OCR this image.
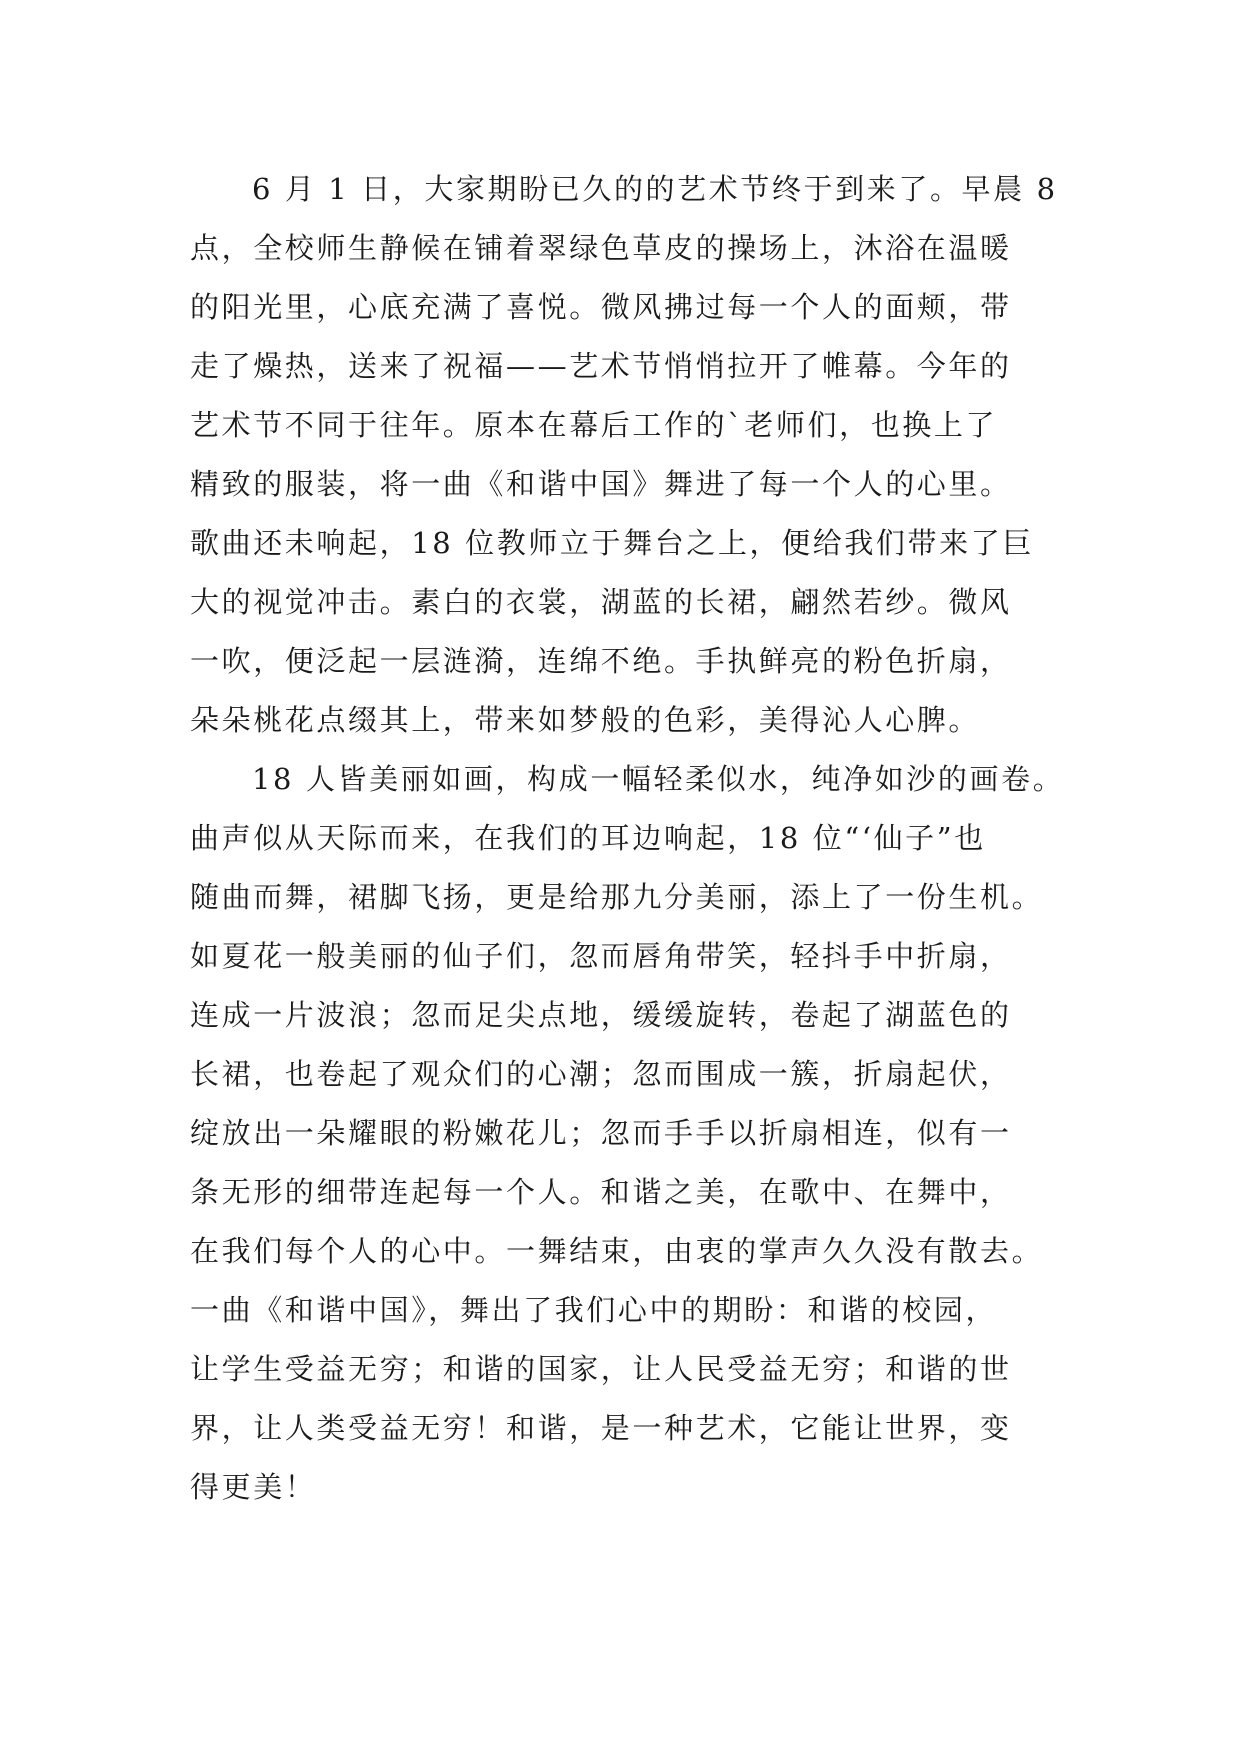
6 月 1 日，大家期盼已久的的艺术节终于到来了。早晨 8
点，全校师生静候在铺着翠绿色草皮的操场上，沐浴在温暖
的阳光里，心底充满了喜悦。微风拂过每一个人的面颊，带
走了燥热，送来了祝福——艺术节悄悄拉开了帷幕。今年的
艺术节不同于往年。原本在幕后工作的`老师们，也换上了
精致的服装，将一曲《和谐中国》舞进了每一个人的心里。
歌曲还未响起，18 位教师立于舞台之上，便给我们带来了巨
大的视觉冲击。素白的衣裳，湖蓝的长裙，翩然若纱。微风
一吹，便泛起一层涟漪，连绵不绝。手执鲜亮的粉色折扇，
朵朵桃花点缀其上，带来如梦般的色彩，美得沁人心脾。

18 人皆美丽如画，构成一幅轻柔似水，纯净如沙的画卷。
曲声似从天际而来，在我们的耳边响起，18 位“‘仙子”也
随曲而舞，裙脚飞扬，更是给那九分美丽，添上了一份生机。
如夏花一般美丽的仙子们，忽而唇角带笑，轻抖手中折扇，
连成一片波浪；忽而足尖点地，缓缓旋转，卷起了湖蓝色的
长裙，也卷起了观众们的心潮；忽而围成一簇，折扇起伏，
绽放出一朵耀眼的粉嫩花儿；忽而手手以折扇相连，似有一
条无形的细带连起每一个人。和谐之美，在歌中、在舞中，
在我们每个人的心中。一舞结束，由衷的掌声久久没有散去。
一曲《和谐中国》，舞出了我们心中的期盼：和谐的校园，
让学生受益无穷；和谐的国家，让人民受益无穷；和谐的世
界，让人类受益无穷！和谐，是一种艺术，它能让世界，变
得更美！
